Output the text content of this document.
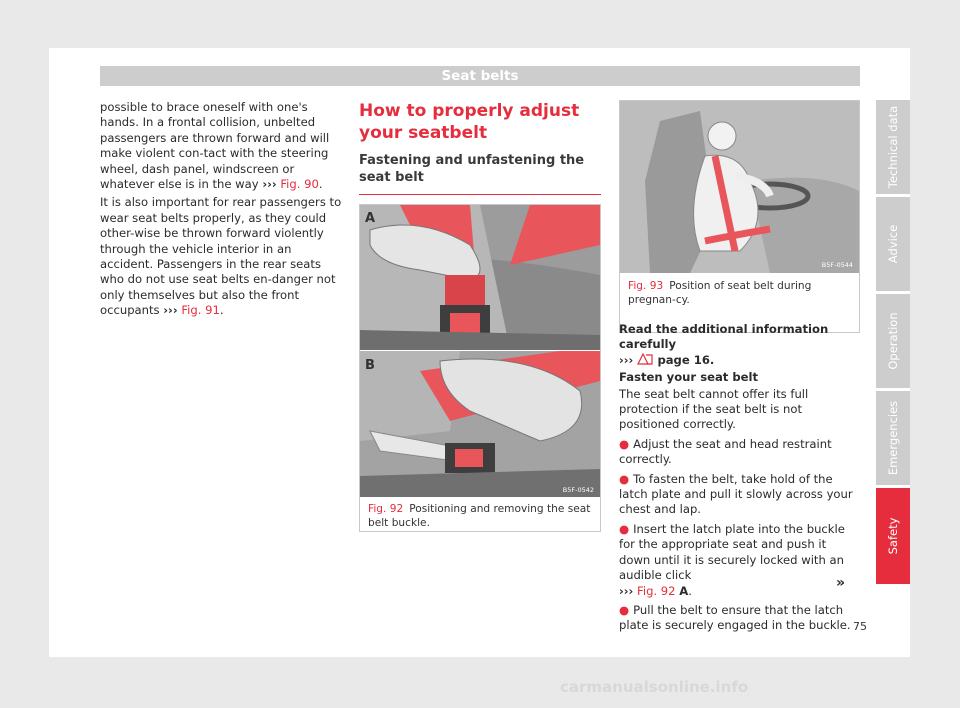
Seat belts

possible to brace oneself with one's hands. In a frontal collision, unbelted passengers are thrown forward and will make violent con-tact with the steering wheel, dash panel, windscreen or whatever else is in the way ››› Fig. 90.

It is also important for rear passengers to wear seat belts properly, as they could other-wise be thrown forward violently through the vehicle interior in an accident. Passengers in the rear seats who do not use seat belts en-danger not only themselves but also the front occupants ››› Fig. 91.

How to properly adjust your seatbelt
Fastening and unfastening the seat belt
A
B
B5F-0542
Fig. 92 Positioning and removing the seat belt buckle.
B5F-0544
Fig. 93 Position of seat belt during pregnan-cy.

Read the additional information carefully
››› page 16.

Fasten your seat belt

The seat belt cannot offer its full protection if the seat belt is not positioned correctly.

● Adjust the seat and head restraint correctly.

● To fasten the belt, take hold of the latch plate and pull it slowly across your chest and lap.

● Insert the latch plate into the buckle for the appropriate seat and push it down until it is securely locked with an audible click
››› Fig. 92 A.

● Pull the belt to ensure that the latch plate is securely engaged in the buckle.

»
Technical data
Advice
Operation
Emergencies
Safety
75
carmanualsonline.info
